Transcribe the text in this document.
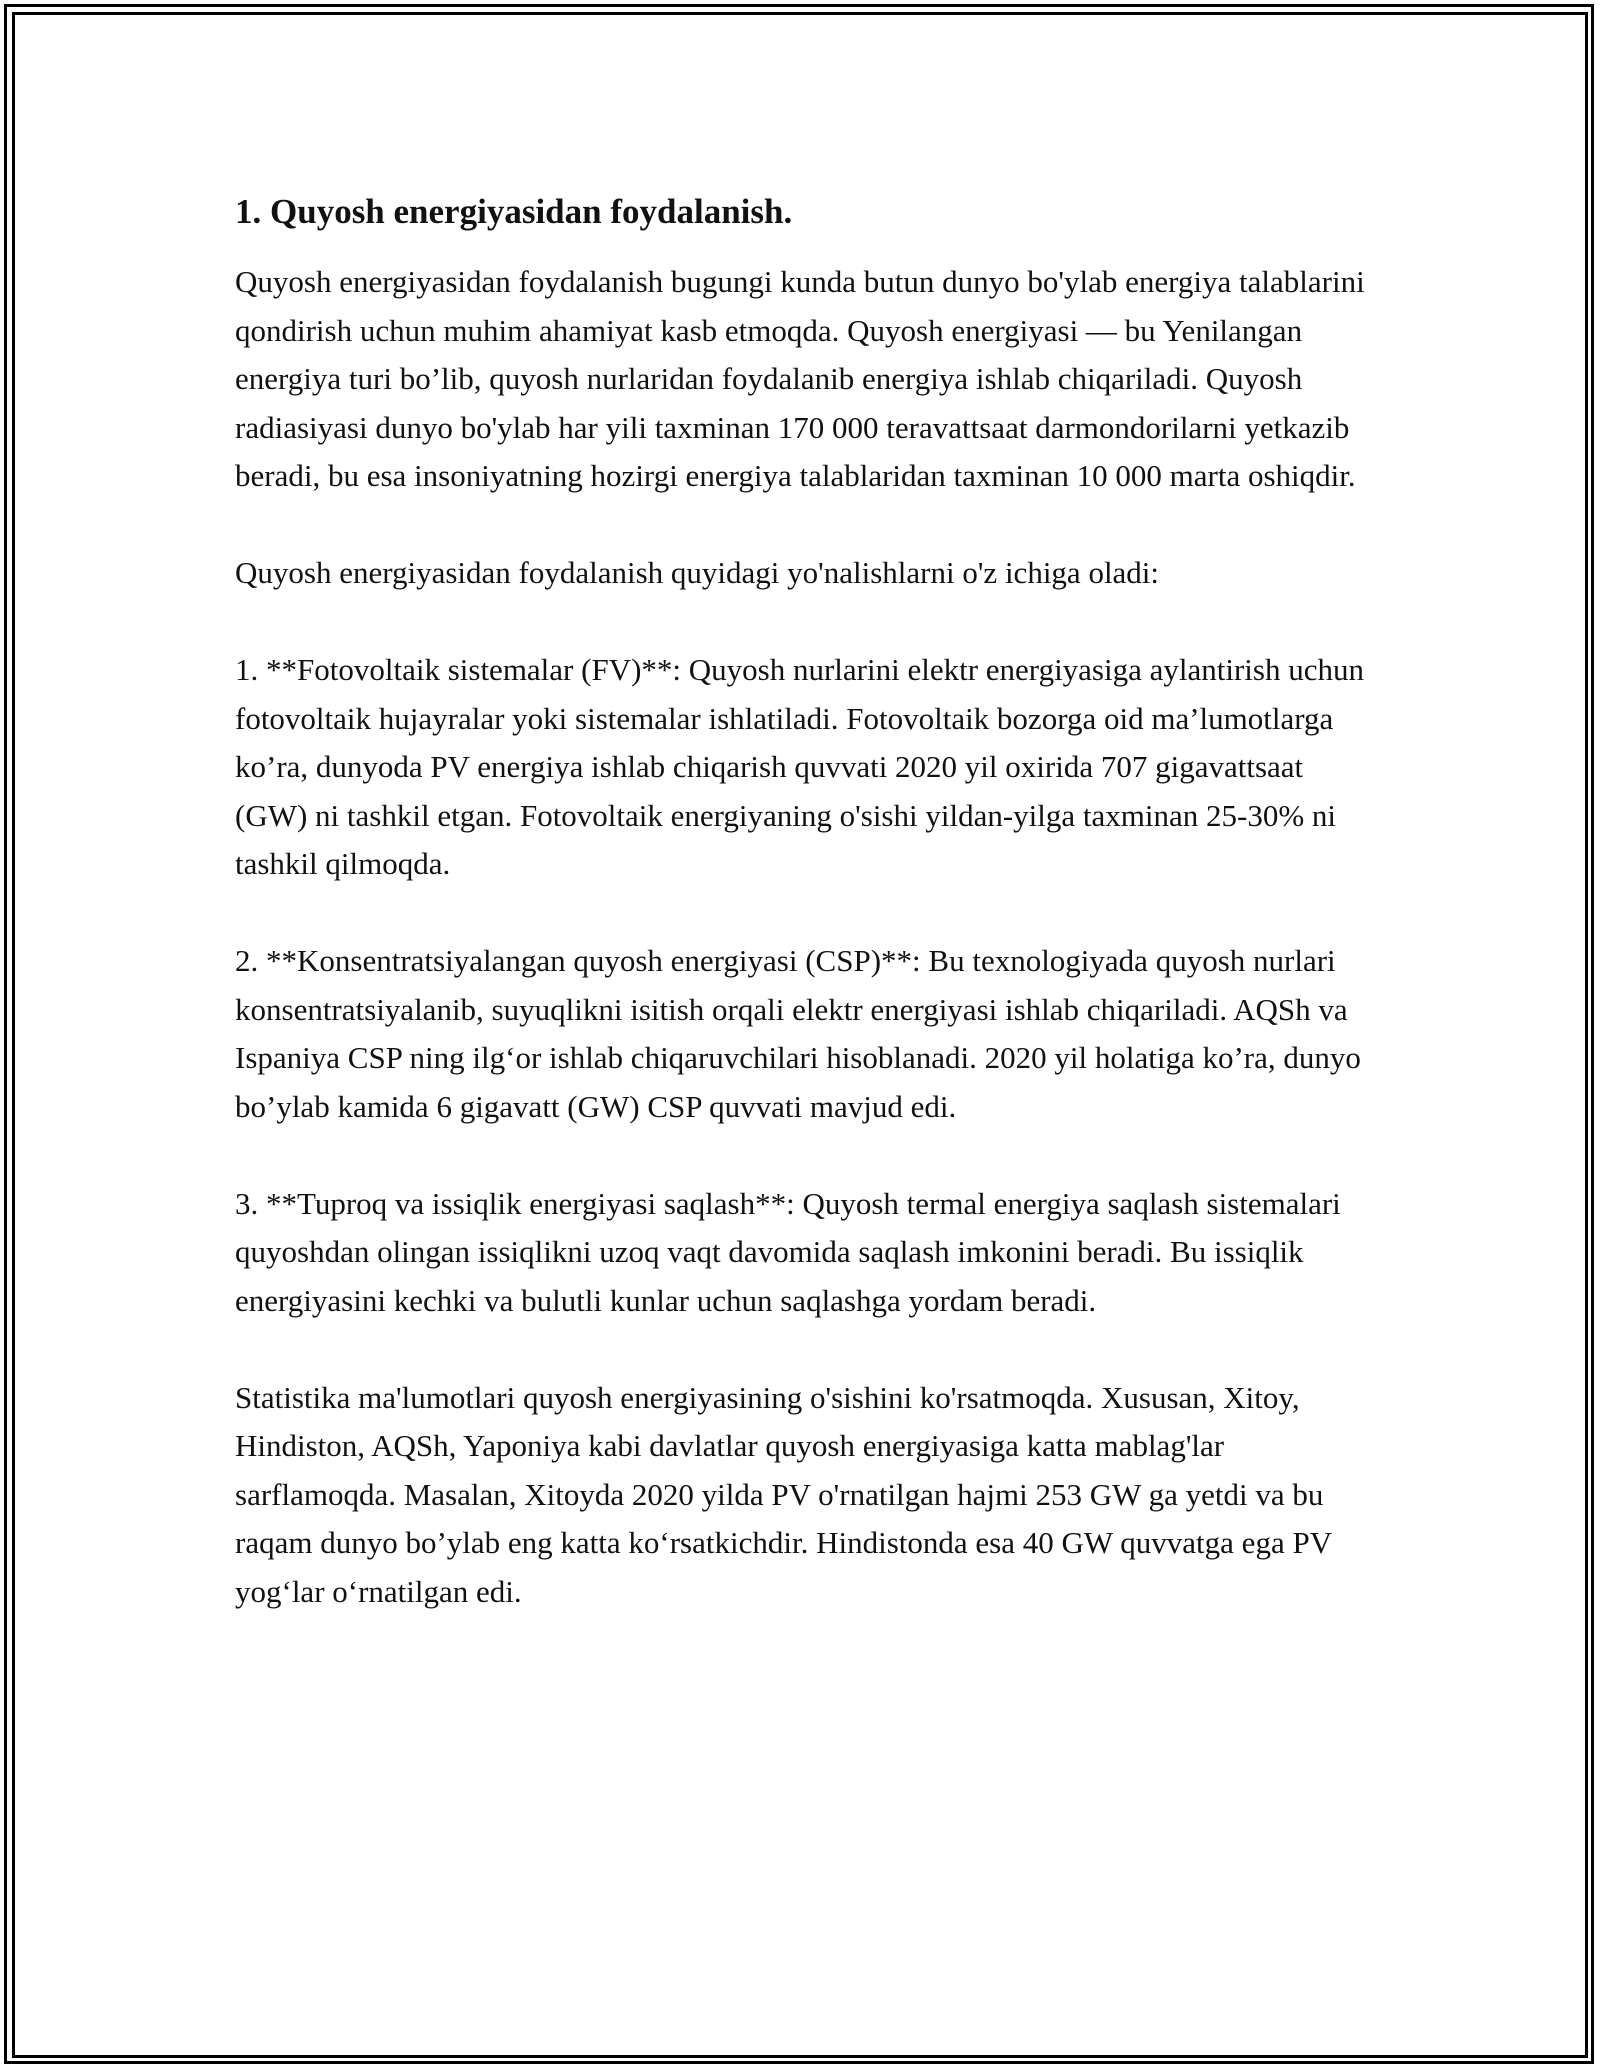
1. Quyosh energiyasidan foydalanish.

Quyosh energiyasidan foydalanish bugungi kunda butun dunyo bo'ylab energiya talablarini qondirish uchun muhim ahamiyat kasb etmoqda. Quyosh energiyasi — bu Yenilangan energiya turi bo’lib, quyosh nurlaridan foydalanib energiya ishlab chiqariladi. Quyosh radiasiyasi dunyo bo'ylab har yili taxminan 170 000 teravattsaat darmondorilarni yetkazib beradi, bu esa insoniyatning hozirgi energiya talablaridan taxminan 10 000 marta oshiqdir.

Quyosh energiyasidan foydalanish quyidagi yo'nalishlarni o'z ichiga oladi:

1. **Fotovoltaik sistemalar (FV)**: Quyosh nurlarini elektr energiyasiga aylantirish uchun fotovoltaik hujayralar yoki sistemalar ishlatiladi. Fotovoltaik bozorga oid ma’lumotlarga ko’ra, dunyoda PV energiya ishlab chiqarish quvvati 2020 yil oxirida 707 gigavattsaat (GW) ni tashkil etgan. Fotovoltaik energiyaning o'sishi yildan-yilga taxminan 25-30% ni tashkil qilmoqda.

2. **Konsentratsiyalangan quyosh energiyasi (CSP)**: Bu texnologiyada quyosh nurlari konsentratsiyalanib, suyuqlikni isitish orqali elektr energiyasi ishlab chiqariladi. AQSh va Ispaniya CSP ning ilg‘or ishlab chiqaruvchilari hisoblanadi. 2020 yil holatiga ko’ra, dunyo bo’ylab kamida 6 gigavatt (GW) CSP quvvati mavjud edi.

3. **Tuproq va issiqlik energiyasi saqlash**: Quyosh termal energiya saqlash sistemalari quyoshdan olingan issiqlikni uzoq vaqt davomida saqlash imkonini beradi. Bu issiqlik energiyasini kechki va bulutli kunlar uchun saqlashga yordam beradi.

Statistika ma'lumotlari quyosh energiyasining o'sishini ko'rsatmoqda. Xususan, Xitoy, Hindiston, AQSh, Yaponiya kabi davlatlar quyosh energiyasiga katta mablag'lar sarflamoqda. Masalan, Xitoyda 2020 yilda PV o'rnatilgan hajmi 253 GW ga yetdi va bu raqam dunyo bo’ylab eng katta ko‘rsatkichdir. Hindistonda esa 40 GW quvvatga ega PV yog‘lar o‘rnatilgan edi.
